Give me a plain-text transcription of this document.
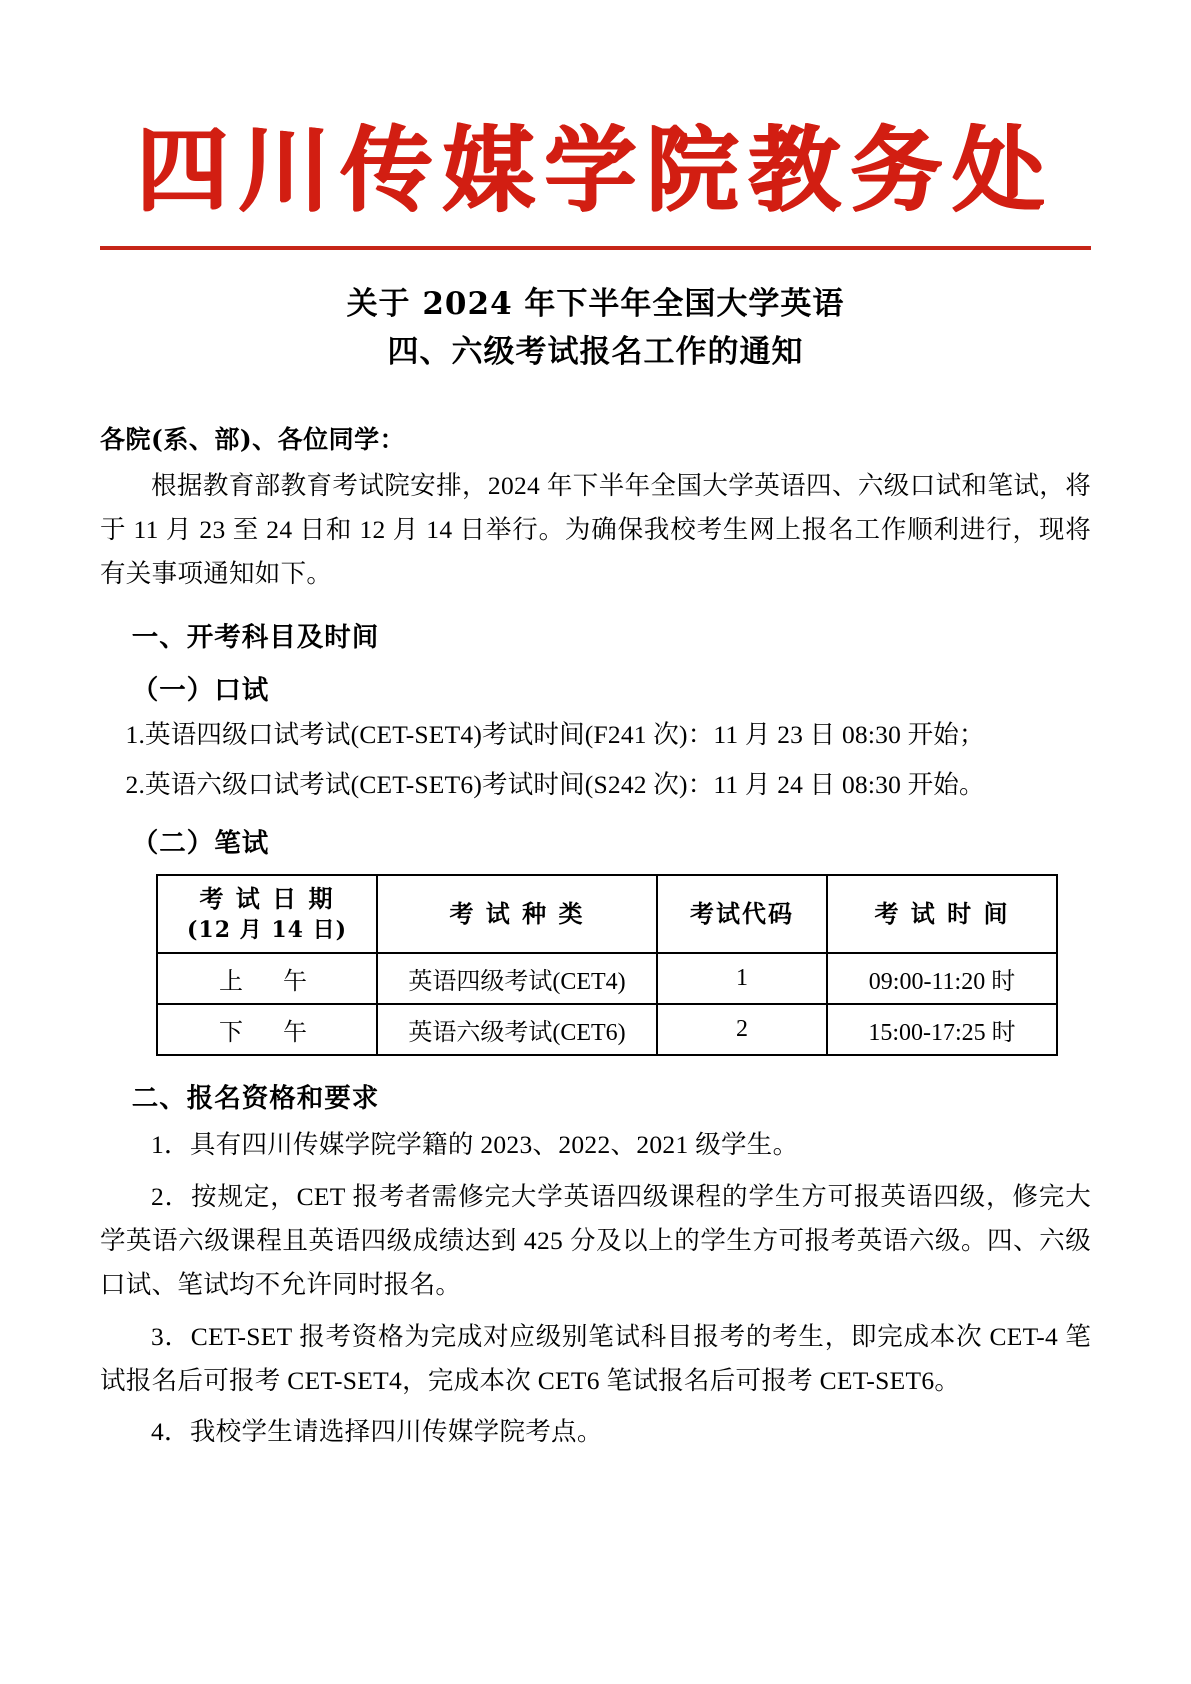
四川传媒学院教务处
关于 2024 年下半年全国大学英语
四、六级考试报名工作的通知
各院(系、部)、各位同学：

根据教育部教育考试院安排，2024 年下半年全国大学英语四、六级口试和笔试，将于 11 月 23 至 24 日和 12 月 14 日举行。为确保我校考生网上报名工作顺利进行，现将有关事项通知如下。

一、开考科目及时间
（一）口试
1.英语四级口试考试(CET-SET4)考试时间(F241 次)：11 月 23 日 08:30 开始；
2.英语六级口试考试(CET-SET6)考试时间(S242 次)：11 月 24 日 08:30 开始。
（二）笔试
考 试 日 期
(12 月 14 日)	考 试 种 类	考试代码	考 试 时 间
上　午	英语四级考试(CET4)	1	09:00-11:20 时
下　午	英语六级考试(CET6)	2	15:00-17:25 时
二、报名资格和要求

1．具有四川传媒学院学籍的 2023、2022、2021 级学生。

2．按规定，CET 报考者需修完大学英语四级课程的学生方可报英语四级，修完大学英语六级课程且英语四级成绩达到 425 分及以上的学生方可报考英语六级。四、六级口试、笔试均不允许同时报名。

3．CET-SET 报考资格为完成对应级别笔试科目报考的考生，即完成本次 CET-4 笔试报名后可报考 CET-SET4，完成本次 CET6 笔试报名后可报考 CET-SET6。

4．我校学生请选择四川传媒学院考点。
